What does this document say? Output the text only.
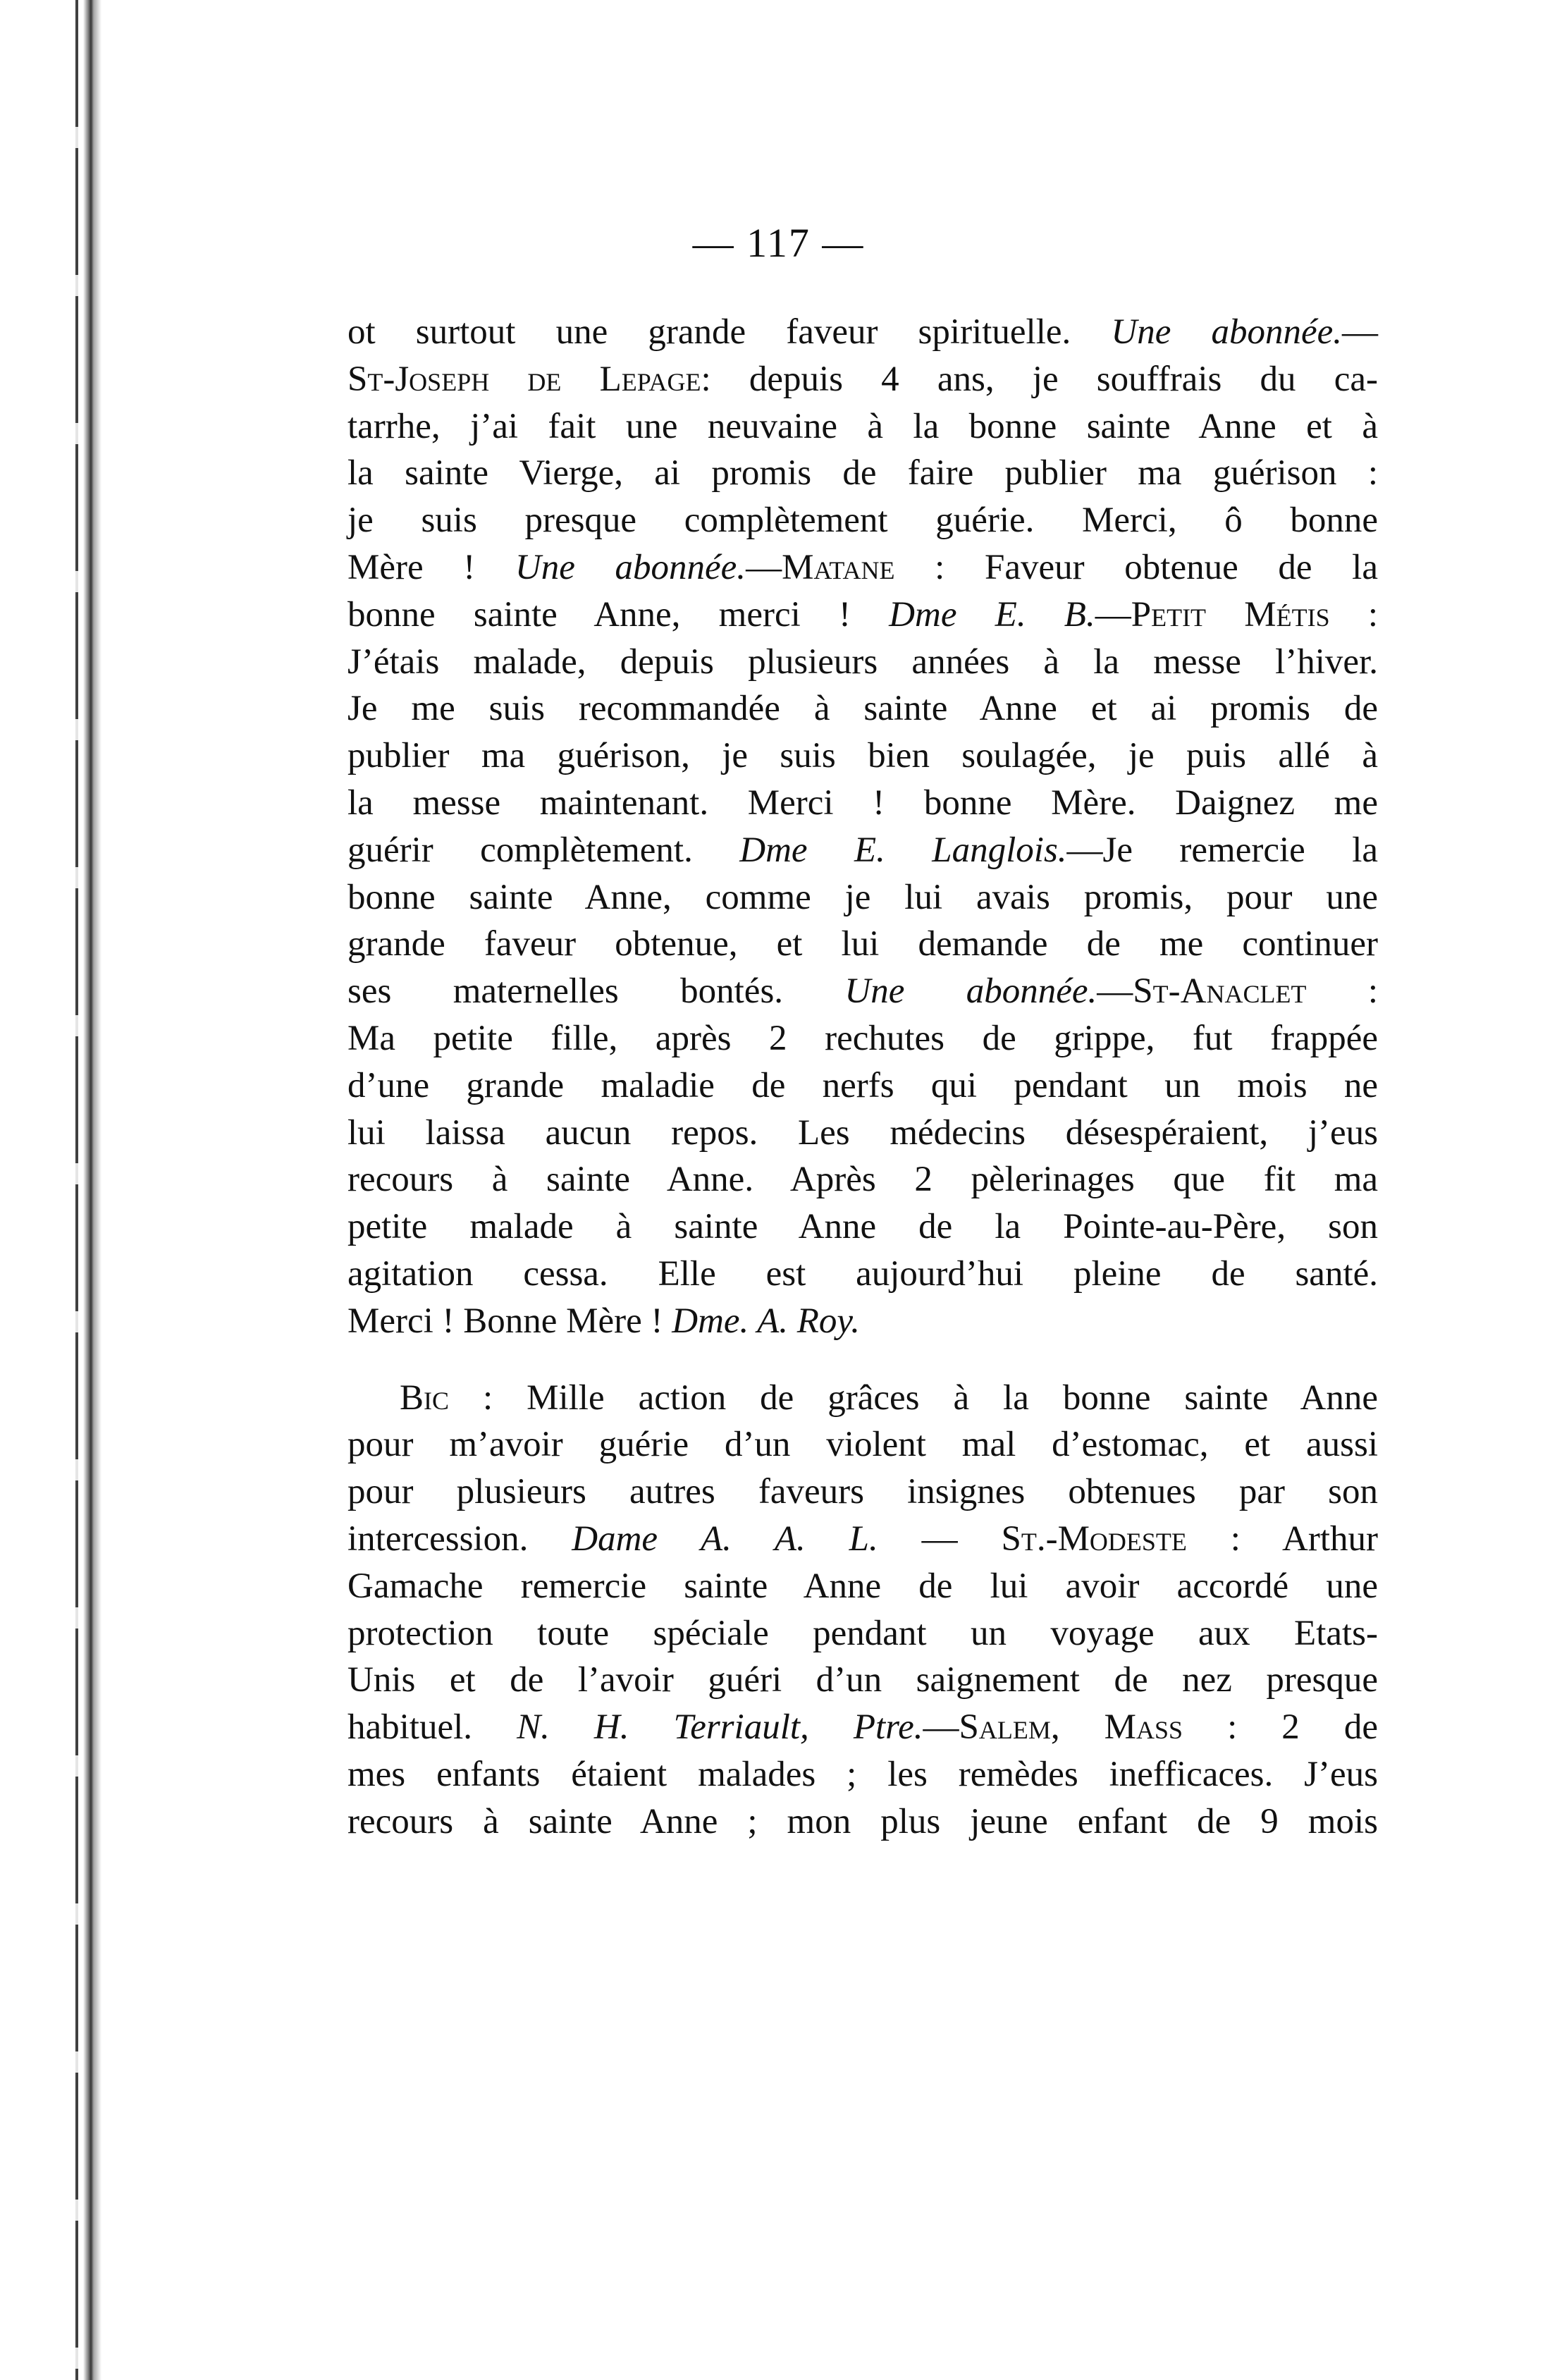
— 117 —
ot surtout une grande faveur spirituelle. Une abonnée.—
St-Joseph de Lepage: depuis 4 ans, je souffrais du ca-
tarrhe, j’ai fait une neuvaine à la bonne sainte Anne et à
la sainte Vierge, ai promis de faire publier ma guérison :
je suis presque complètement guérie. Merci, ô bonne
Mère ! Une abonnée.—Matane : Faveur obtenue de la
bonne sainte Anne, merci ! Dme E. B.—Petit Métis :
J’étais malade, depuis plusieurs années à la messe l’hiver.
Je me suis recommandée à sainte Anne et ai promis de
publier ma guérison, je suis bien soulagée, je puis allé à
la messe maintenant. Merci ! bonne Mère. Daignez me
guérir complètement. Dme E. Langlois.—Je remercie la
bonne sainte Anne, comme je lui avais promis, pour une
grande faveur obtenue, et lui demande de me continuer
ses maternelles bontés. Une abonnée.—St-Anaclet :
Ma petite fille, après 2 rechutes de grippe, fut frappée
d’une grande maladie de nerfs qui pendant un mois ne
lui laissa aucun repos. Les médecins désespéraient, j’eus
recours à sainte Anne. Après 2 pèlerinages que fit ma
petite malade à sainte Anne de la Pointe-au-Père, son
agitation cessa. Elle est aujourd’hui pleine de santé.
Merci ! Bonne Mère ! Dme. A. Roy.
Bic : Mille action de grâces à la bonne sainte Anne
pour m’avoir guérie d’un violent mal d’estomac, et aussi
pour plusieurs autres faveurs insignes obtenues par son
intercession. Dame A. A. L. — St.-Modeste : Arthur
Gamache remercie sainte Anne de lui avoir accordé une
protection toute spéciale pendant un voyage aux Etats-
Unis et de l’avoir guéri d’un saignement de nez presque
habituel. N. H. Terriault, Ptre.—Salem, Mass : 2 de
mes enfants étaient malades ; les remèdes inefficaces. J’eus
recours à sainte Anne ; mon plus jeune enfant de 9 mois
